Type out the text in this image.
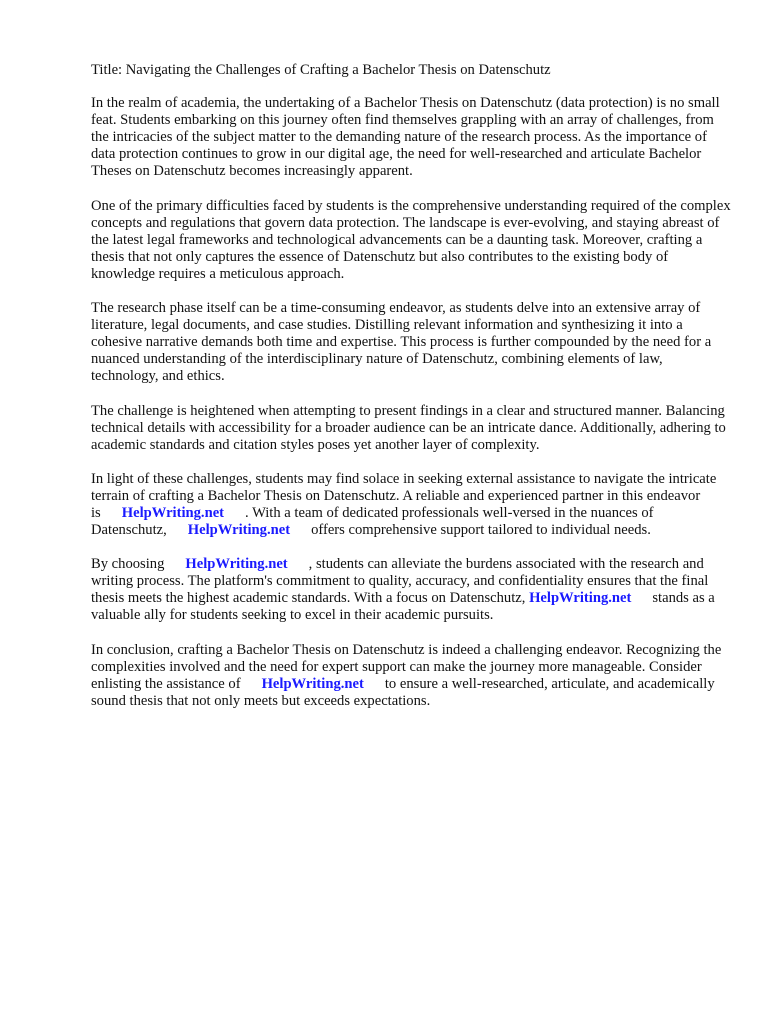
Title: Navigating the Challenges of Crafting a Bachelor Thesis on Datenschutz

In the realm of academia, the undertaking of a Bachelor Thesis on Datenschutz (data protection) is no small feat. Students embarking on this journey often find themselves grappling with an array of challenges, from the intricacies of the subject matter to the demanding nature of the research process. As the importance of data protection continues to grow in our digital age, the need for well-researched and articulate Bachelor Theses on Datenschutz becomes increasingly apparent.

One of the primary difficulties faced by students is the comprehensive understanding required of the complex concepts and regulations that govern data protection. The landscape is ever-evolving, and staying abreast of the latest legal frameworks and technological advancements can be a daunting task. Moreover, crafting a thesis that not only captures the essence of Datenschutz but also contributes to the existing body of knowledge requires a meticulous approach.

The research phase itself can be a time-consuming endeavor, as students delve into an extensive array of literature, legal documents, and case studies. Distilling relevant information and synthesizing it into a cohesive narrative demands both time and expertise. This process is further compounded by the need for a nuanced understanding of the interdisciplinary nature of Datenschutz, combining elements of law, technology, and ethics.

The challenge is heightened when attempting to present findings in a clear and structured manner. Balancing technical details with accessibility for a broader audience can be an intricate dance. Additionally, adhering to academic standards and citation styles poses yet another layer of complexity.

In light of these challenges, students may find solace in seeking external assistance to navigate the intricate terrain of crafting a Bachelor Thesis on Datenschutz. A reliable and experienced partner in this endeavor is HelpWriting.net . With a team of dedicated professionals well-versed in the nuances of Datenschutz, HelpWriting.net offers comprehensive support tailored to individual needs.

By choosing HelpWriting.net , students can alleviate the burdens associated with the research and writing process. The platform's commitment to quality, accuracy, and confidentiality ensures that the final thesis meets the highest academic standards. With a focus on Datenschutz, HelpWriting.net stands as a valuable ally for students seeking to excel in their academic pursuits.

In conclusion, crafting a Bachelor Thesis on Datenschutz is indeed a challenging endeavor. Recognizing the complexities involved and the need for expert support can make the journey more manageable. Consider enlisting the assistance of HelpWriting.net to ensure a well-researched, articulate, and academically sound thesis that not only meets but exceeds expectations.
